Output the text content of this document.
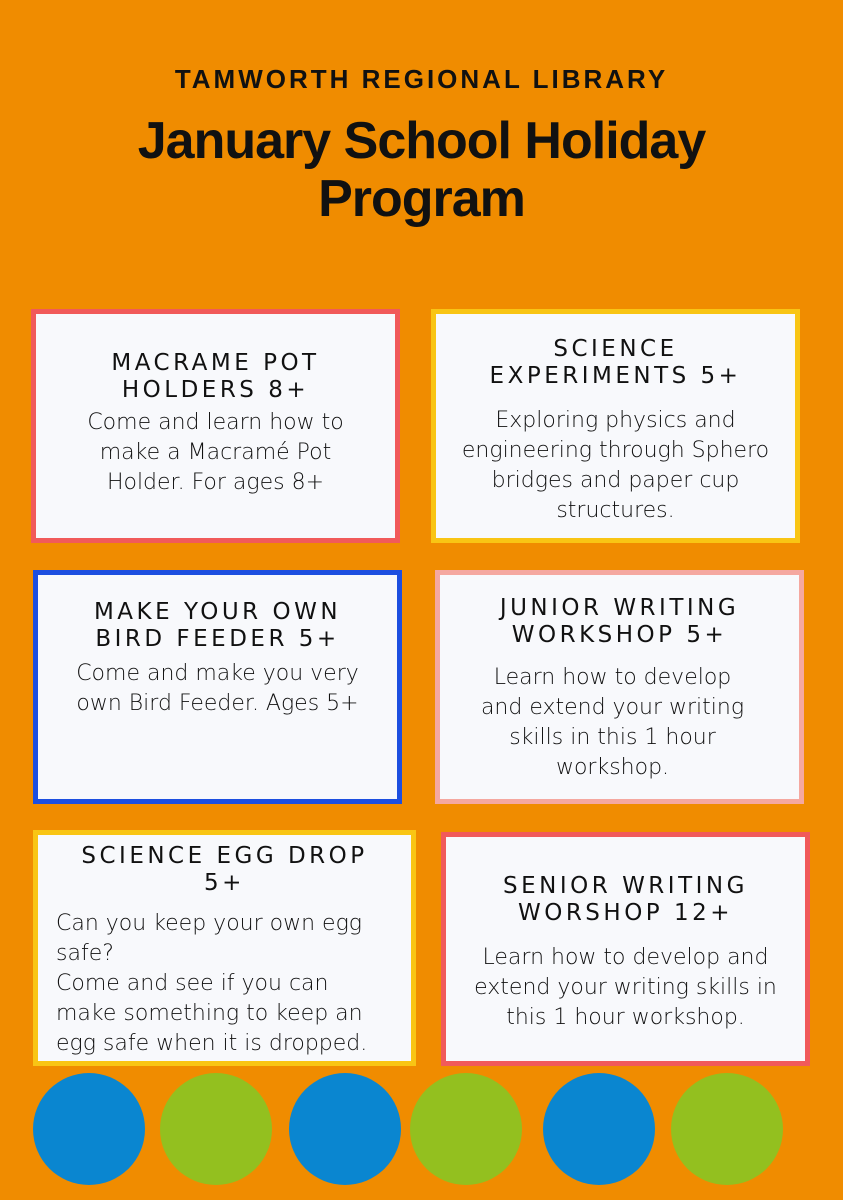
TAMWORTH REGIONAL LIBRARY
January School Holiday Program
MACRAME POT HOLDERS 8+
Come and learn how to make a Macramé Pot Holder. For ages 8+
SCIENCE EXPERIMENTS 5+
Exploring physics and engineering through Sphero bridges and paper cup structures.
MAKE YOUR OWN BIRD FEEDER 5+
Come and make you very own Bird Feeder. Ages 5+
JUNIOR WRITING WORKSHOP 5+
Learn how to develop and extend your writing skills in this 1 hour workshop.
SCIENCE EGG DROP 5+
Can you keep your own egg safe?
Come and see if you can make something to keep an egg safe when it is dropped.
SENIOR WRITING WORSHOP 12+
Learn how to develop and extend your writing skills in this 1 hour workshop.
